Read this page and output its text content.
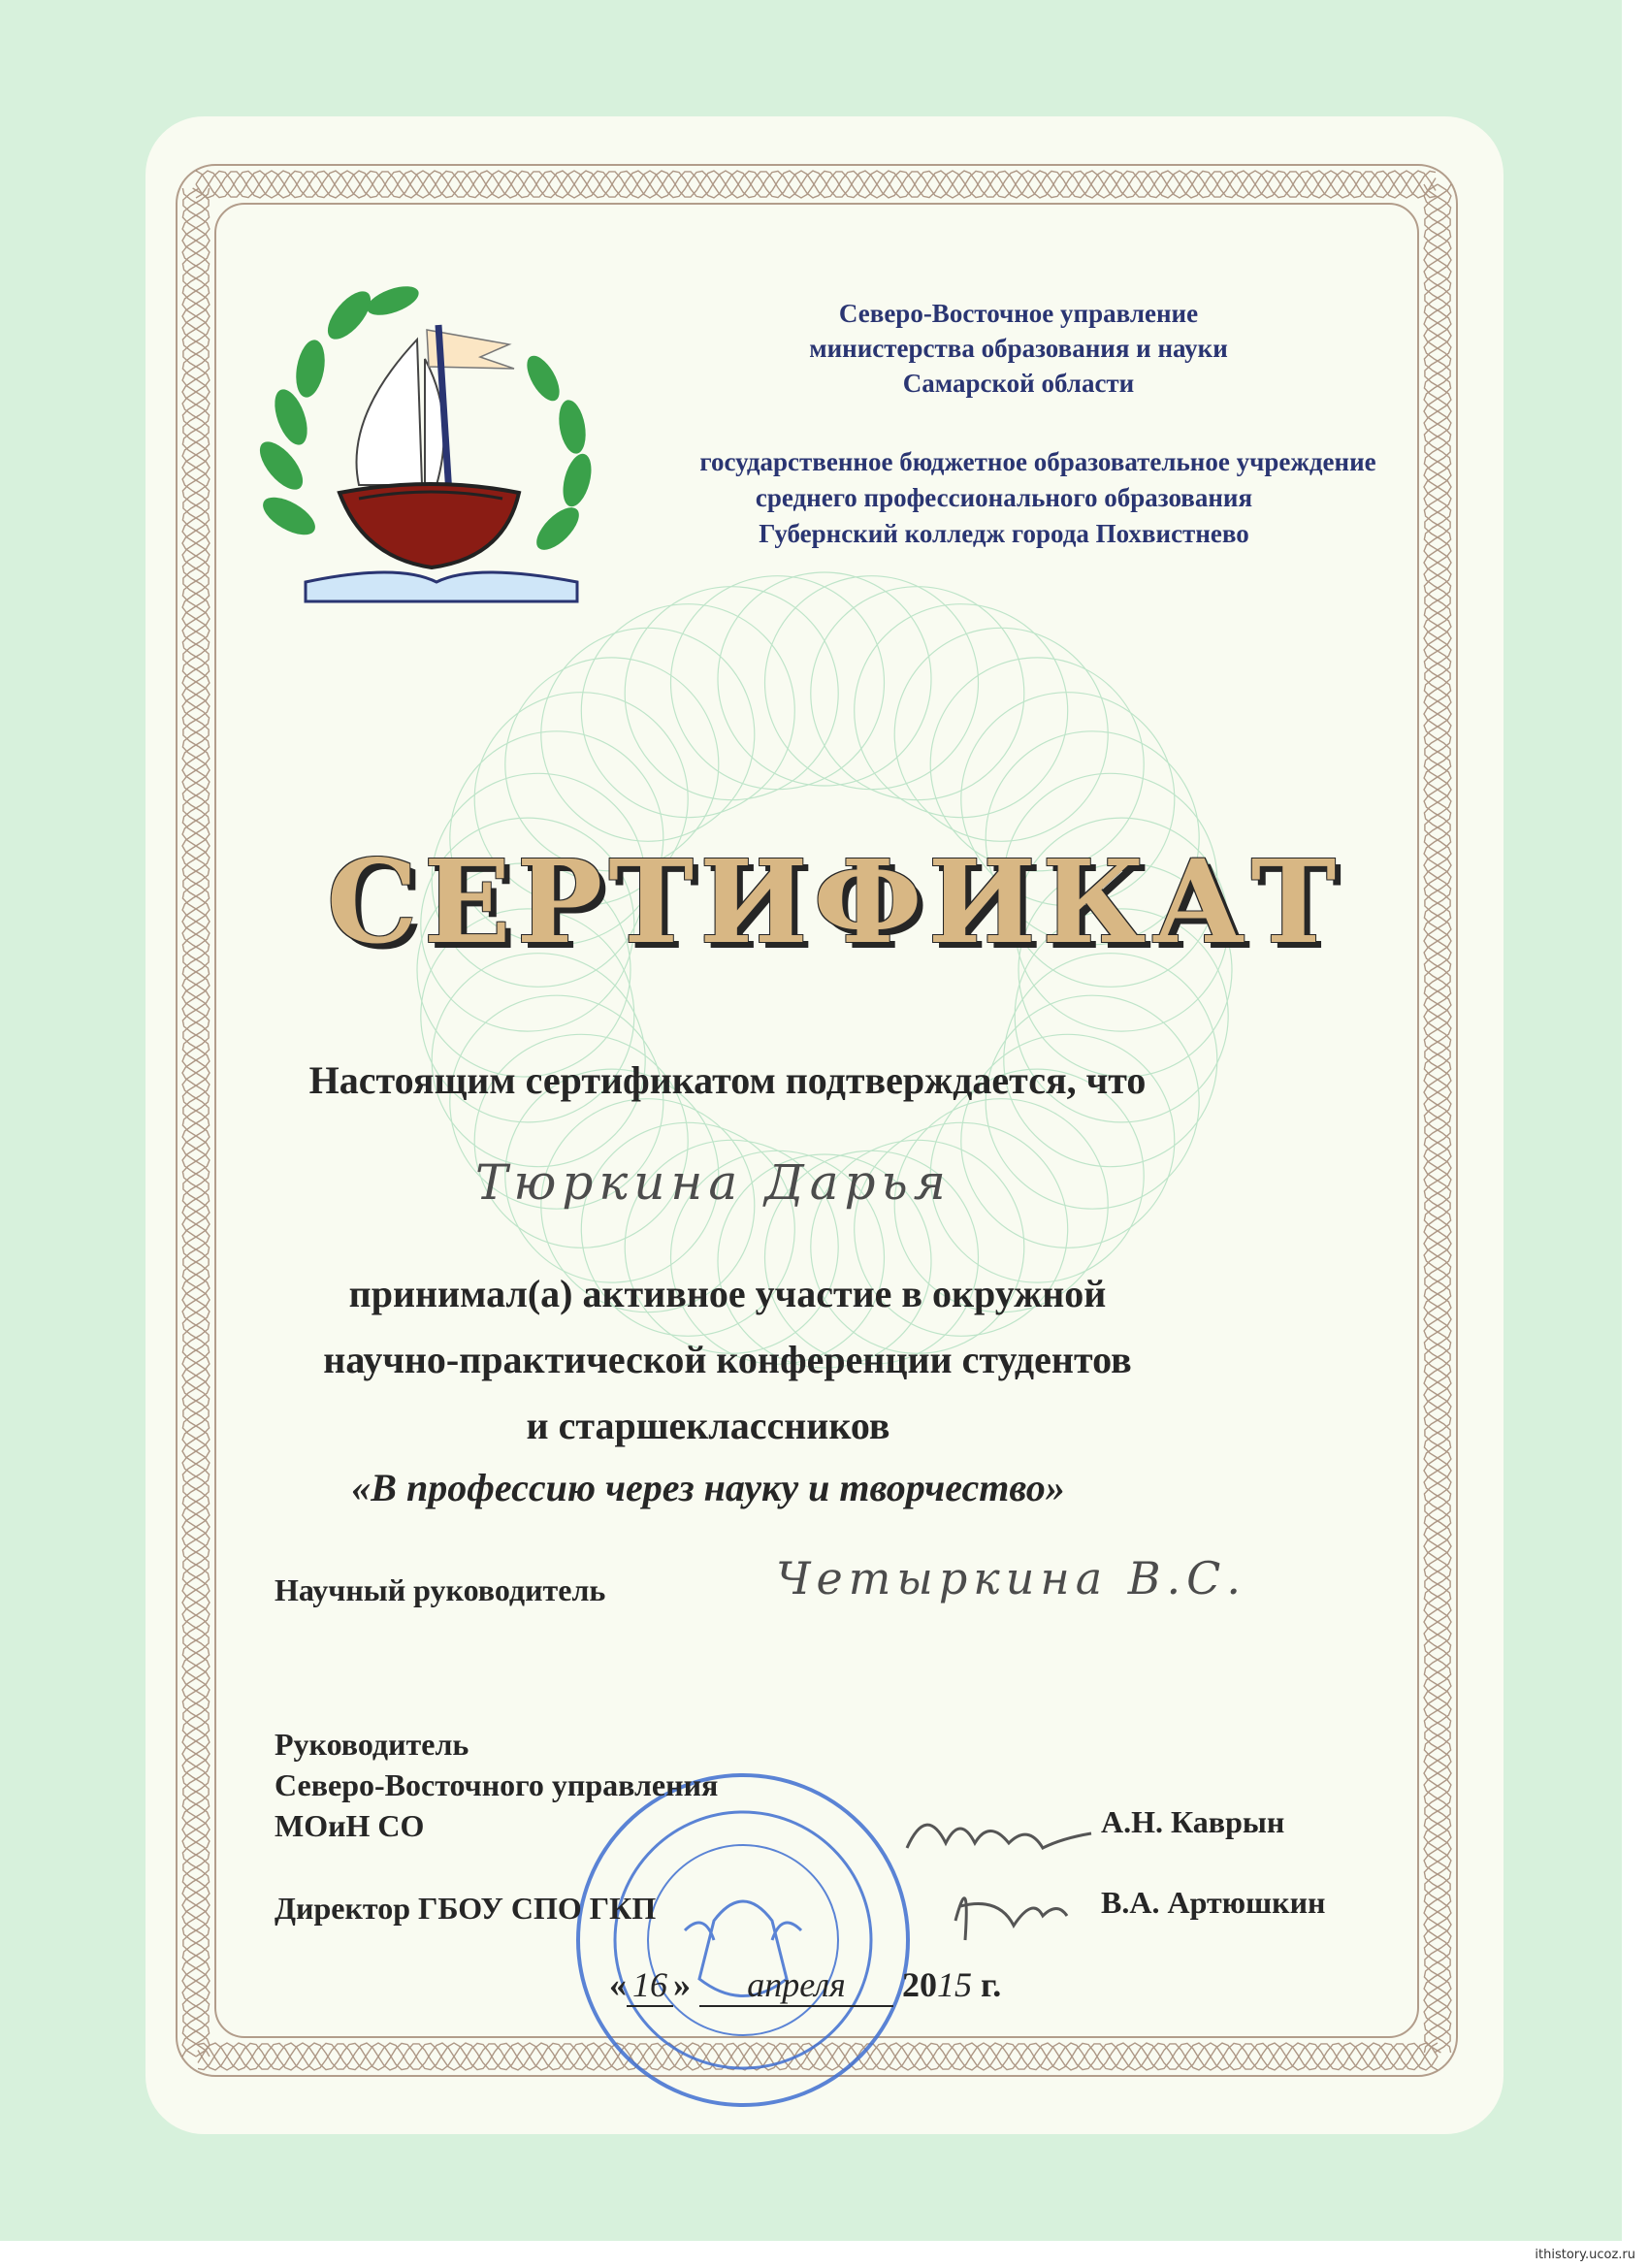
Северо-Восточное управление
министерства образования и науки
Самарской области
государственное бюджетное образовательное учреждение
среднего профессионального образования
Губернский колледж города Похвистнево
СЕРТИФИКАТ
Настоящим сертификатом подтверждается, что
Тюркина Дарья
принимал(а) активное участие в окружной
научно-практической конференции студентов
и старшеклассников
«В профессию через науку и творчество»
Научный руководитель	Четыркина В.С.
Руководитель
Северо-Восточного управления
МОиН СО	А.Н. Каврын
Директор ГБОУ СПО ГКП	В.А. Артюшкин
« 16 » апреля 2015 г.
ithistory.ucoz.ru
